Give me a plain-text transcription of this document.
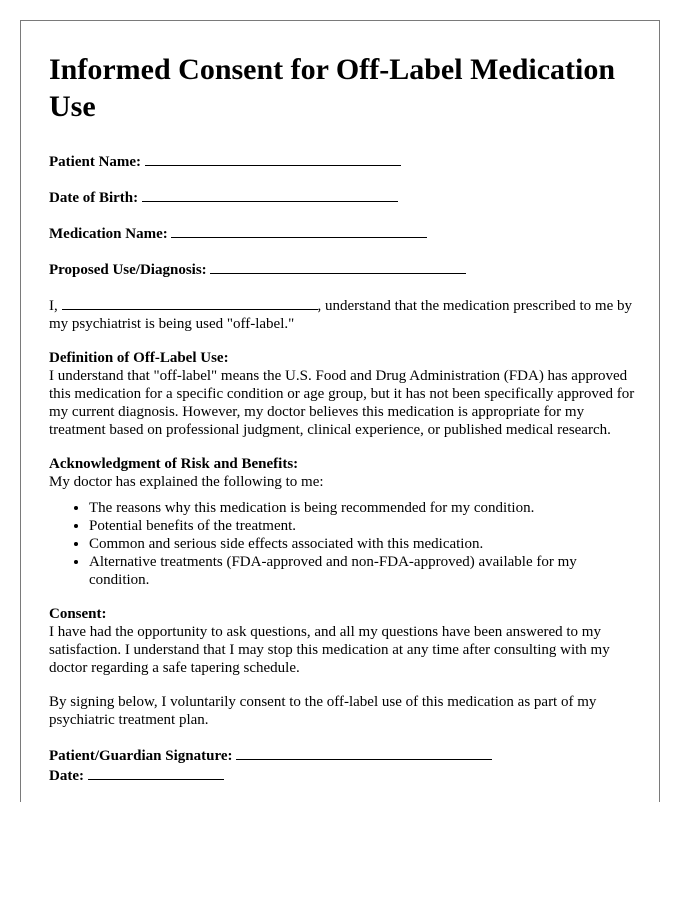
Informed Consent for Off-Label Medication Use
Patient Name:
Date of Birth:
Medication Name:
Proposed Use/Diagnosis:

I,	, understand that the medication prescribed to me by my psychiatrist is being used "off-label."

Definition of Off-Label Use:
I understand that "off-label" means the U.S. Food and Drug Administration (FDA) has approved this medication for a specific condition or age group, but it has not been specifically approved for my current diagnosis. However, my doctor believes this medication is appropriate for my treatment based on professional judgment, clinical experience, or published medical research.

Acknowledgment of Risk and Benefits:
My doctor has explained the following to me:
• The reasons why this medication is being recommended for my condition.
• Potential benefits of the treatment.
• Common and serious side effects associated with this medication.
• Alternative treatments (FDA-approved and non-FDA-approved) available for my condition.

Consent:
I have had the opportunity to ask questions, and all my questions have been answered to my satisfaction. I understand that I may stop this medication at any time after consulting with my doctor regarding a safe tapering schedule.

By signing below, I voluntarily consent to the off-label use of this medication as part of my psychiatric treatment plan.

Patient/Guardian Signature:
Date:
